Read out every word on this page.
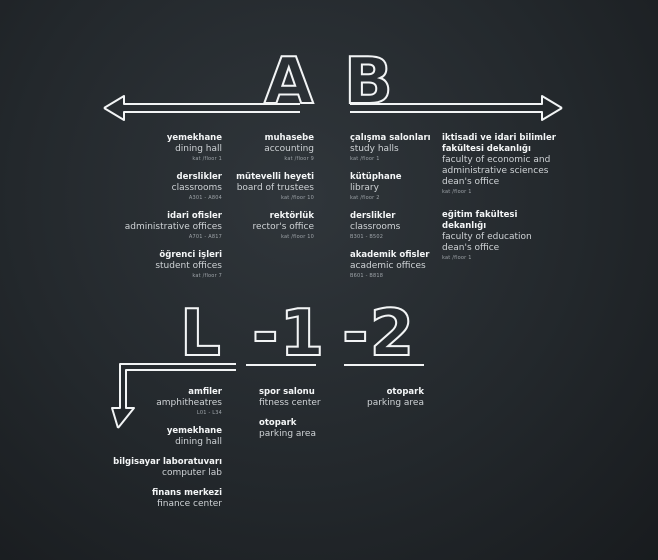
A B
L -1 -2
yemekhane
dining hall
kat /floor 1
derslikler
classrooms
A301 - A804
idari ofisler
administrative offices
A701 - A817
öğrenci işleri
student offices
kat /floor 7
muhasebe
accounting
kat /floor 9
mütevelli heyeti
board of trustees
kat /floor 10
rektörlük
rector's office
kat /floor 10
çalışma salonları
study halls
kat /floor 1
kütüphane
library
kat /floor 2
derslikler
classrooms
B301 - B502
akademik ofisler
academic offices
B601 - B818
iktisadi ve idari bilimler fakültesi dekanlığı
faculty of economic and administrative sciences dean's office
kat /floor 1
eğitim fakültesi dekanlığı
faculty of education dean's office
kat /floor 1
amfiler
amphitheatres
L01 - L34
yemekhane
dining hall
bilgisayar laboratuvarı
computer lab
finans merkezi
finance center
spor salonu
fitness center
otopark
parking area
otopark
parking area
